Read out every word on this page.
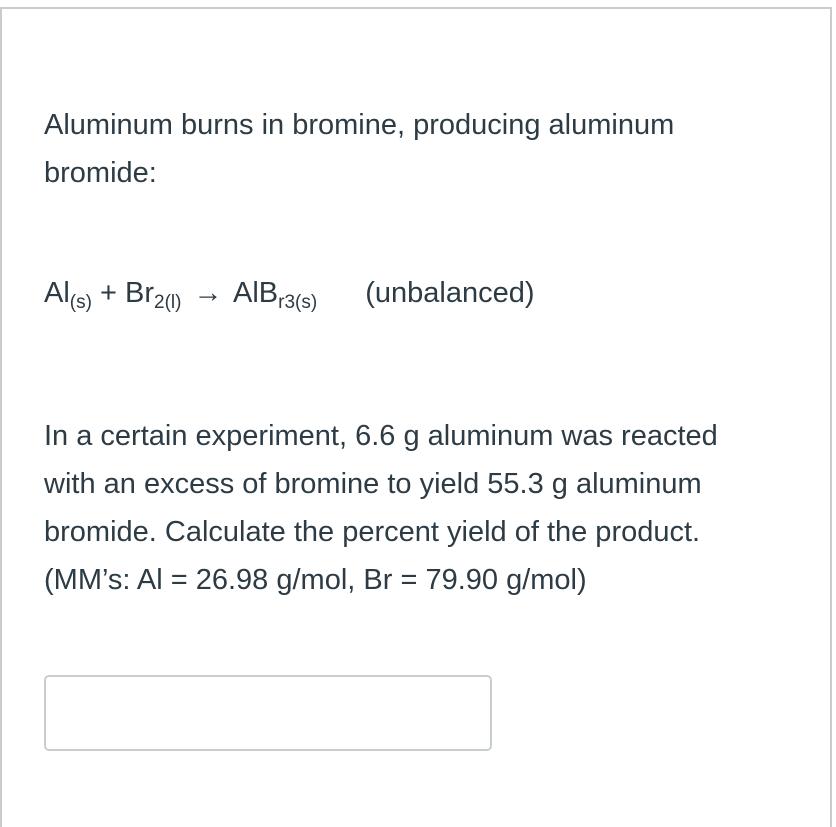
Aluminum burns in bromine, producing aluminum
bromide:
$Al_{(s)} + Br_{2(l)} \to AlB_{r3(s)}$ (unbalanced)
In a certain experiment, 6.6 g aluminum was reacted
with an excess of bromine to yield 55.3 g aluminum
bromide. Calculate the percent yield of the product.
(MM’s: Al = 26.98 g/mol, Br = 79.90 g/mol)
